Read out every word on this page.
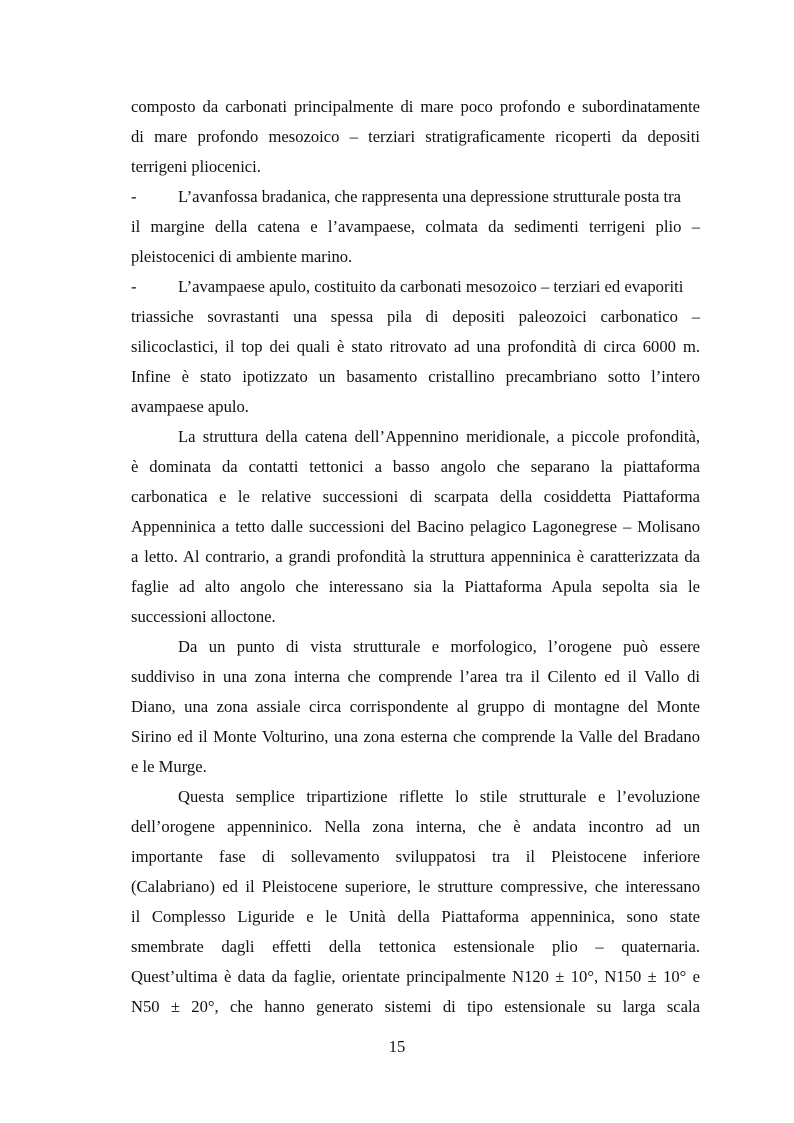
composto da carbonati principalmente di mare poco profondo e subordinatamente
di mare profondo mesozoico – terziari stratigraficamente ricoperti da depositi
terrigeni pliocenici.
-	L’avanfossa bradanica, che rappresenta una depressione strutturale posta tra
il margine della catena e l’avampaese, colmata da sedimenti terrigeni plio –
pleistocenici di ambiente marino.
-	L’avampaese apulo, costituito da carbonati mesozoico – terziari ed evaporiti
triassiche sovrastanti una spessa pila di depositi paleozoici carbonatico –
silicoclastici, il top dei quali è stato ritrovato ad una profondità di circa 6000 m.
Infine è stato ipotizzato un basamento cristallino precambriano sotto l’intero
avampaese apulo.
La struttura della catena dell’Appennino meridionale, a piccole profondità,
è dominata da contatti tettonici a basso angolo che separano la piattaforma
carbonatica e le relative successioni di scarpata della cosiddetta Piattaforma
Appenninica a tetto dalle successioni del Bacino pelagico Lagonegrese – Molisano
a letto. Al contrario, a grandi profondità la struttura appenninica è caratterizzata da
faglie ad alto angolo che interessano sia la Piattaforma Apula sepolta sia le
successioni alloctone.
Da un punto di vista strutturale e morfologico, l’orogene può essere
suddiviso in una zona interna che comprende l’area tra il Cilento ed il Vallo di
Diano, una zona assiale circa corrispondente al gruppo di montagne del Monte
Sirino ed il Monte Volturino, una zona esterna che comprende la Valle del Bradano
e le Murge.
Questa semplice tripartizione riflette lo stile strutturale e l’evoluzione
dell’orogene appenninico. Nella zona interna, che è andata incontro ad un
importante fase di sollevamento sviluppatosi tra il Pleistocene inferiore
(Calabriano) ed il Pleistocene superiore, le strutture compressive, che interessano
il Complesso Liguride e le Unità della Piattaforma appenninica, sono state
smembrate dagli effetti della tettonica estensionale plio – quaternaria.
Quest’ultima è data da faglie, orientate principalmente N120 ± 10°, N150 ± 10° e
N50 ± 20°, che hanno generato sistemi di tipo estensionale su larga scala
15
